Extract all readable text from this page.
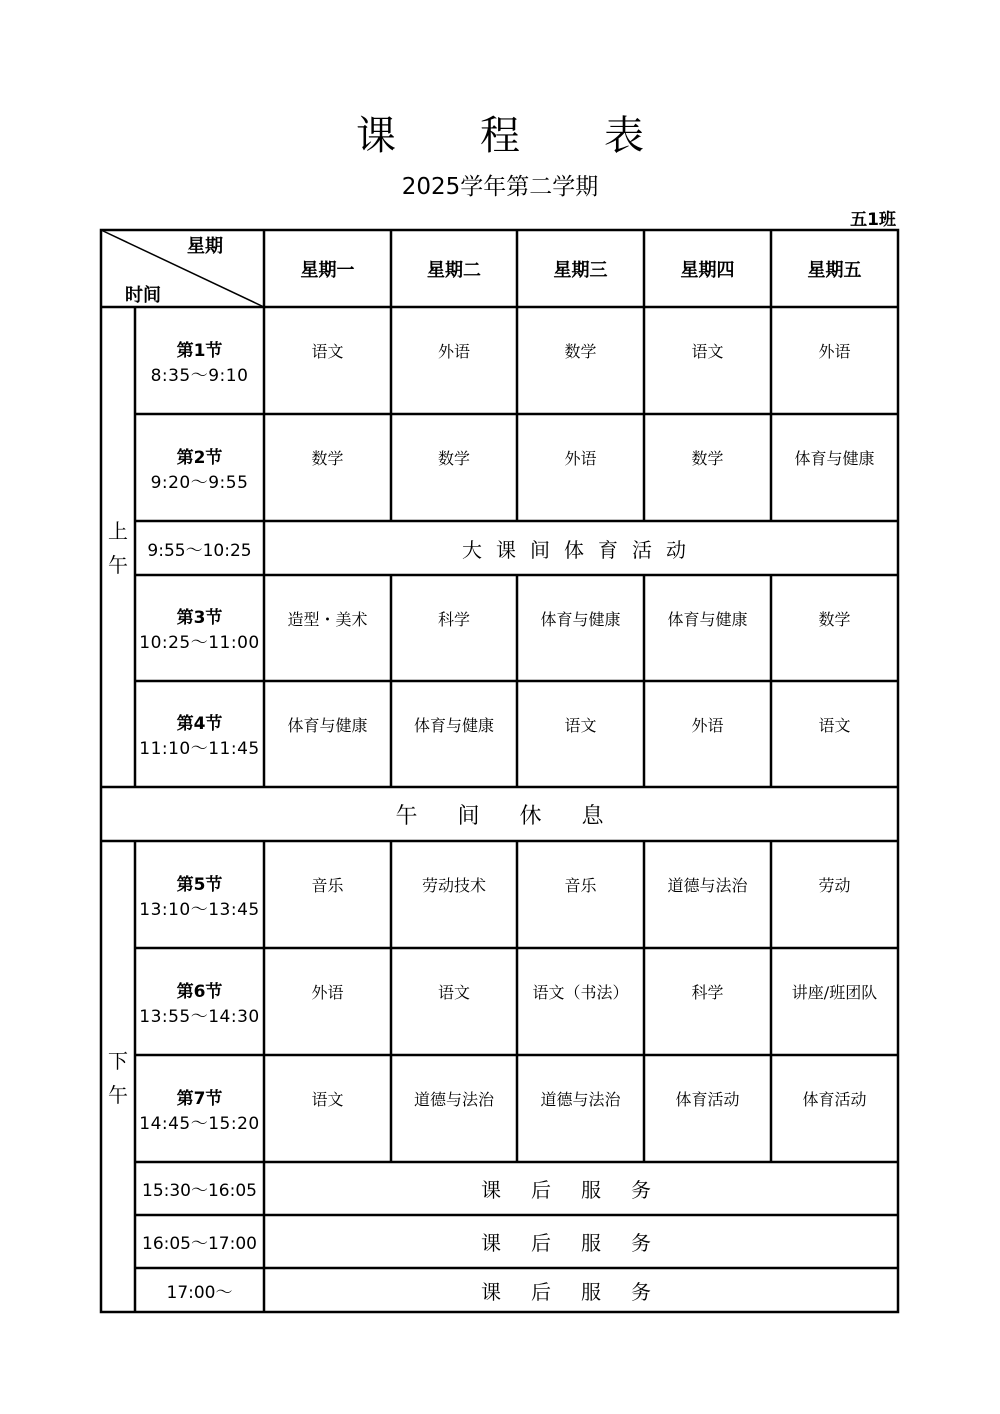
课 程 表
2025学年第二学期
五1班
星期
时间
星期一	星期二	星期三	星期四	星期五
上
午
第1节
8:35～9:10
语文	外语	数学	语文	外语
第2节
9:20～9:55
数学	数学	外语	数学	体育与健康
9:55～10:25	大课间体育活动
第3节
10:25～11:00
造型・美术	科学	体育与健康	体育与健康	数学
第4节
11:10～11:45
体育与健康	体育与健康	语文	外语	语文
午 间 休 息
下
午
第5节
13:10～13:45
音乐	劳动技术	音乐	道德与法治	劳动
第6节
13:55～14:30
外语	语文	语文（书法）	科学	讲座/班团队
第7节
14:45～15:20
语文	道德与法治	道德与法治	体育活动	体育活动
15:30～16:05	课后服务
16:05～17:00	课后服务
17:00～	课后服务
